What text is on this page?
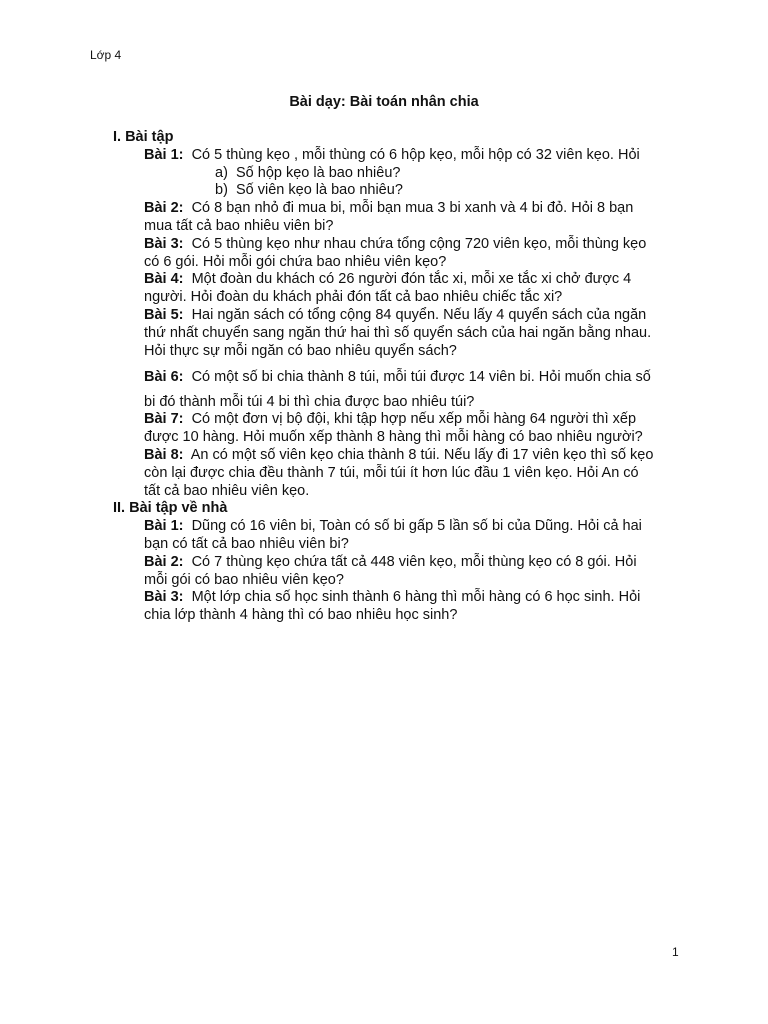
Lớp 4
Bài dạy: Bài toán nhân chia
I. Bài tập
Bài 1: Có 5 thùng kẹo , mỗi thùng có 6 hộp kẹo, mỗi hộp có 32 viên kẹo. Hỏi
a) Số hộp kẹo là bao nhiêu?
b) Số viên kẹo là bao nhiêu?
Bài 2: Có 8 bạn nhỏ đi mua bi, mỗi bạn mua 3 bi xanh và 4 bi đỏ. Hỏi 8 bạn
mua tất cả bao nhiêu viên bi?
Bài 3: Có 5 thùng kẹo như nhau chứa tổng cộng 720 viên kẹo, mỗi thùng kẹo
có 6 gói. Hỏi mỗi gói chứa bao nhiêu viên kẹo?
Bài 4: Một đoàn du khách có 26 người đón tắc xi, mỗi xe tắc xi chở được 4
người. Hỏi đoàn du khách phải đón tất cả bao nhiêu chiếc tắc xi?
Bài 5: Hai ngăn sách có tổng cộng 84 quyển. Nếu lấy 4 quyển sách của ngăn
thứ nhất chuyển sang ngăn thứ hai thì số quyển sách của hai ngăn bằng nhau.
Hỏi thực sự mỗi ngăn có bao nhiêu quyển sách?
Bài 6: Có một số bi chia thành 8 túi, mỗi túi được 14 viên bi. Hỏi muốn chia số
bi đó thành mỗi túi 4 bi thì chia được bao nhiêu túi?
Bài 7: Có một đơn vị bộ đội, khi tập hợp nếu xếp mỗi hàng 64 người thì xếp
được 10 hàng. Hỏi muốn xếp thành 8 hàng thì mỗi hàng có bao nhiêu người?
Bài 8: An có một số viên kẹo chia thành 8 túi. Nếu lấy đi 17 viên kẹo thì số kẹo
còn lại được chia đều thành 7 túi, mỗi túi ít hơn lúc đầu 1 viên kẹo. Hỏi An có
tất cả bao nhiêu viên kẹo.
II. Bài tập về nhà
Bài 1: Dũng có 16 viên bi, Toàn có số bi gấp 5 lần số bi của Dũng. Hỏi cả hai
bạn có tất cả bao nhiêu viên bi?
Bài 2: Có 7 thùng kẹo chứa tất cả 448 viên kẹo, mỗi thùng kẹo có 8 gói. Hỏi
mỗi gói có bao nhiêu viên kẹo?
Bài 3: Một lớp chia số học sinh thành 6 hàng thì mỗi hàng có 6 học sinh. Hỏi
chia lớp thành 4 hàng thì có bao nhiêu học sinh?
1
